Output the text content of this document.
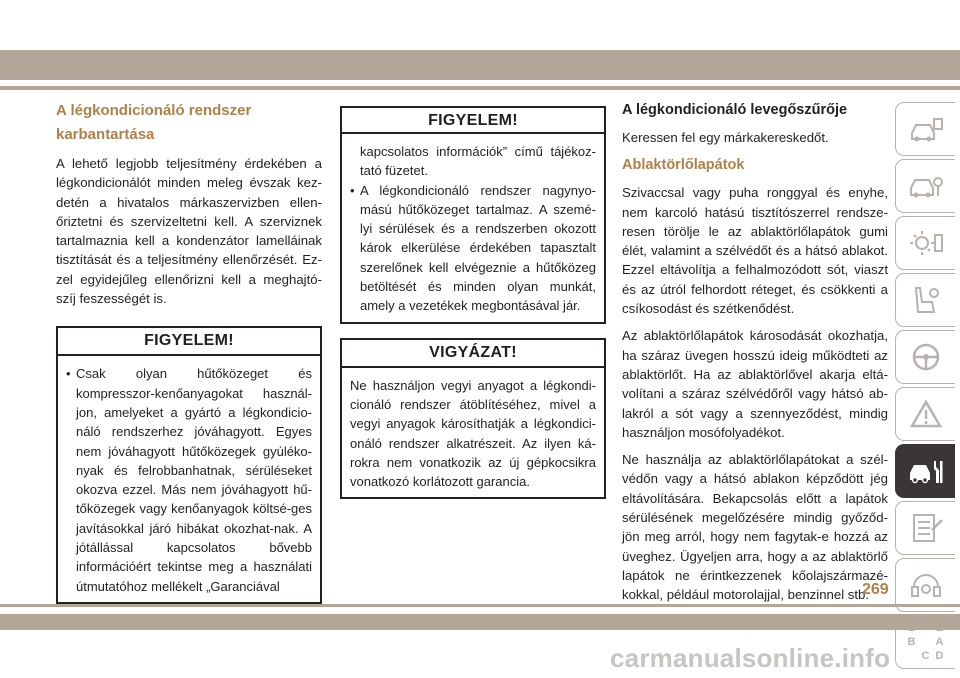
A légkondicionáló rendszer
karbantartása

A lehető legjobb teljesítmény érdekében a légkondicionálót minden meleg évszak kez-detén a hivatalos márkaszervizben ellen-őriztetni és szervizeltetni kell. A szerviznek tartalmaznia kell a kondenzátor lamelláinak tisztítását és a teljesítmény ellenőrzését. Ez-zel egyidejűleg ellenőrizni kell a meghajtó-szíj feszességét is.

FIGYELEM!
• Csak olyan hűtőközeget és kompresszor-kenőanyagokat használ-jon, amelyeket a gyártó a légkondicio-náló rendszerhez jóváhagyott. Egyes nem jóváhagyott hűtőközegek gyúléko-nyak és felrobbanhatnak, sérüléseket okozva ezzel. Más nem jóváhagyott hű-tőközegek vagy kenőanyagok költsé-ges javításokkal járó hibákat okozhat-nak. A jótállással kapcsolatos bővebb információért tekintse meg a használati útmutatóhoz mellékelt „Garanciával
FIGYELEM!
kapcsolatos információk” című tájékoz-tató füzetet.
• A légkondicionáló rendszer nagynyo-mású hűtőközeget tartalmaz. A szemé-lyi sérülések és a rendszerben okozott károk elkerülése érdekében tapasztalt szerelőnek kell elvégeznie a hűtőközeg betöltését és minden olyan munkát, amely a vezetékek megbontásával jár.
VIGYÁZAT!
Ne használjon vegyi anyagot a légkondi-cionáló rendszer átöblítéséhez, mivel a vegyi anyagok károsíthatják a légkondici-onáló rendszer alkatrészeit. Az ilyen ká-rokra nem vonatkozik az új gépkocsikra vonatkozó korlátozott garancia.
A légkondicionáló levegőszűrője

Keressen fel egy márkakereskedőt.

Ablaktörlőlapátok

Szivaccsal vagy puha ronggyal és enyhe, nem karcoló hatású tisztítószerrel rendsze-resen törölje le az ablaktörlőlapátok gumi élét, valamint a szélvédőt és a hátsó ablakot. Ezzel eltávolítja a felhalmozódott sót, viaszt és az útról felhordott réteget, és csökkenti a csíkosodást és szétkenődést.

Az ablaktörlőlapátok károsodását okozhatja, ha száraz üvegen hosszú ideig működteti az ablaktörlőt. Ha az ablaktörlővel akarja eltá-volítani a száraz szélvédőről vagy hátsó ab-lakról a sót vagy a szennyeződést, mindig használjon mosófolyadékot.

Ne használja az ablaktörlőlapátokat a szél-védőn vagy a hátsó ablakon képződött jég eltávolítására. Bekapcsolás előtt a lapátok sérülésének megelőzésére mindig győződ-jön meg arról, hogy nem fagytak-e hozzá az üveghez. Ügyeljen arra, hogy a az ablaktörlő lapátok ne érintkezzenek kőolajszármazé-kokkal, például motorolajjal, benzinnel stb.

B A
C D
269
carmanualsonline.info
